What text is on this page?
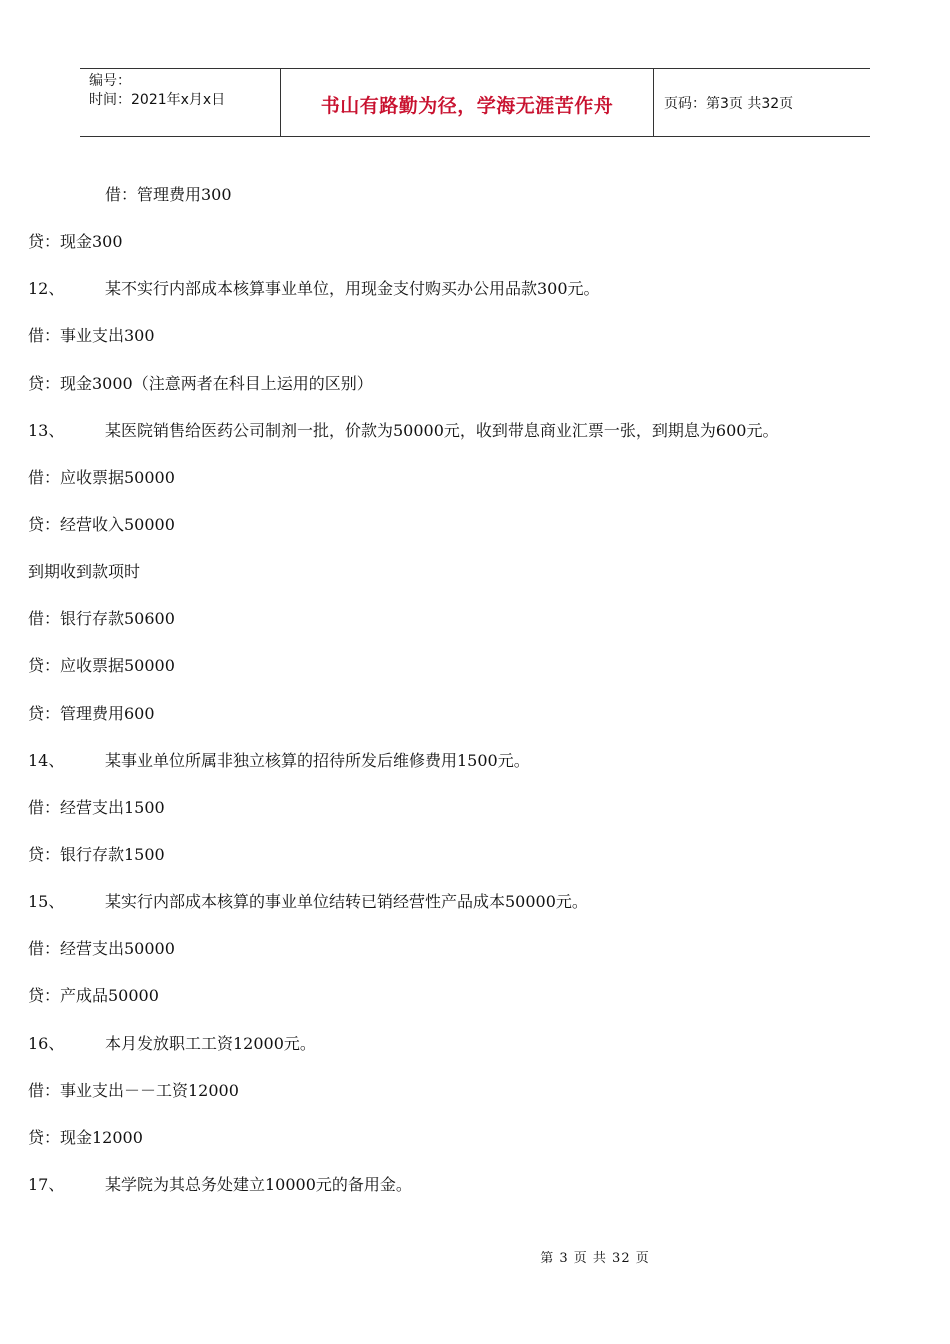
编号：
时间：2021年x月x日	书山有路勤为径，学海无涯苦作舟	页码：第3页 共32页
借：管理费用300
贷：现金300
12、	某不实行内部成本核算事业单位，用现金支付购买办公用品款300元。
借：事业支出300
贷：现金3000（注意两者在科目上运用的区别）
13、	某医院销售给医药公司制剂一批，价款为50000元，收到带息商业汇票一张，到期息为600元。
借：应收票据50000
贷：经营收入50000
到期收到款项时
借：银行存款50600
贷：应收票据50000
贷：管理费用600
14、	某事业单位所属非独立核算的招待所发后维修费用1500元。
借：经营支出1500
贷：银行存款1500
15、	某实行内部成本核算的事业单位结转已销经营性产品成本50000元。
借：经营支出50000
贷：产成品50000
16、	本月发放职工工资12000元。
借：事业支出－－工资12000
贷：现金12000
17、	某学院为其总务处建立10000元的备用金。
第 3 页 共 32 页
